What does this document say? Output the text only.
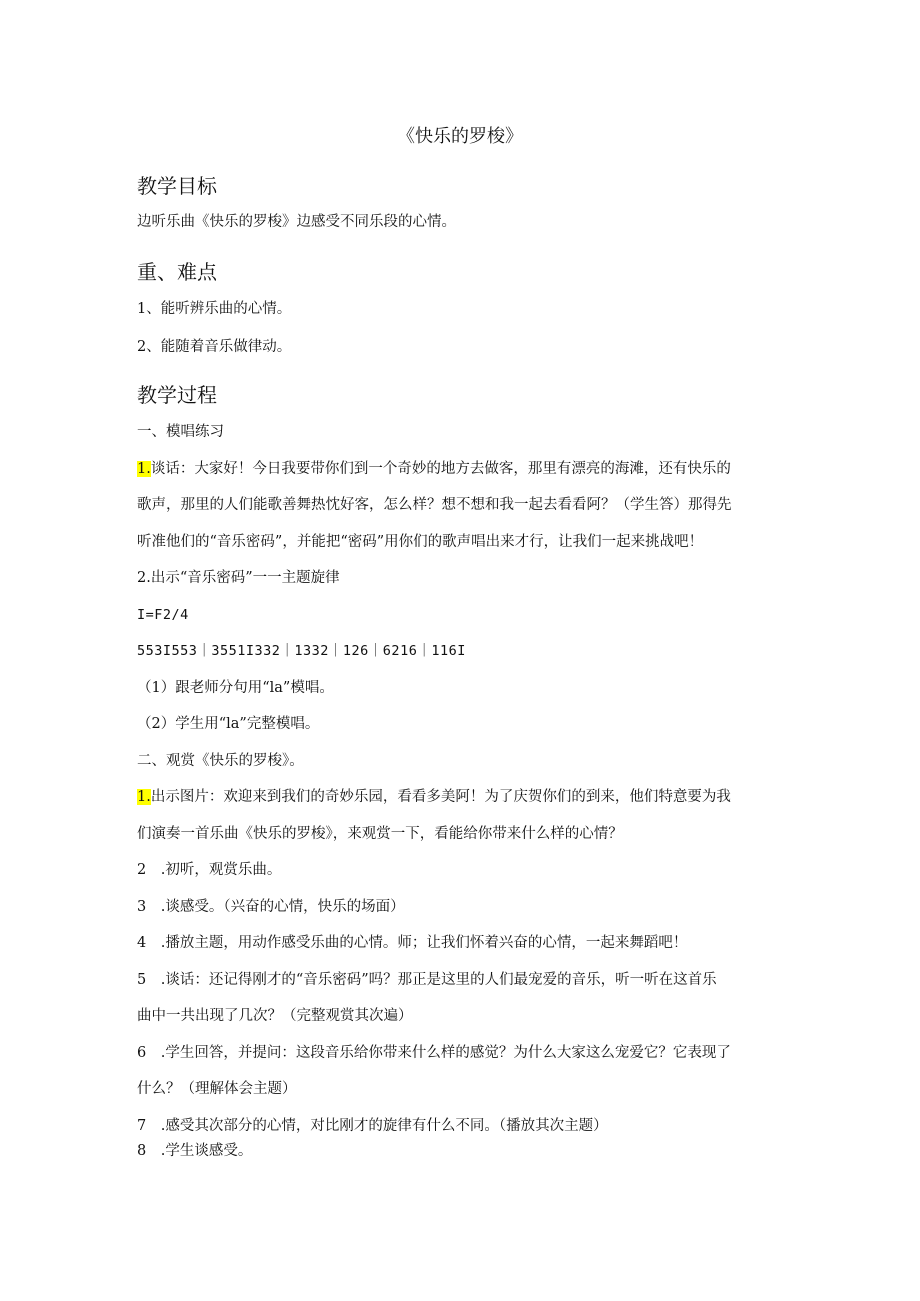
《快乐的罗梭》

教学目标

边听乐曲《快乐的罗梭》边感受不同乐段的心情。

重、难点

1、能听辨乐曲的心情。

2、能随着音乐做律动。

教学过程

一、模唱练习

1.谈话：大家好！今日我要带你们到一个奇妙的地方去做客，那里有漂亮的海滩，还有快乐的

歌声，那里的人们能歌善舞热忱好客，怎么样？想不想和我一起去看看阿？（学生答）那得先

听准他们的“音乐密码”，并能把“密码”用你们的歌声唱出来才行，让我们一起来挑战吧！

2.出示“音乐密码”一一主题旋律

I=F2/4

553I553｜3551I332｜1332｜126｜6216｜116I

（1）跟老师分句用“la”模唱。

（2）学生用“la”完整模唱。

二、观赏《快乐的罗梭》。

1.出示图片：欢迎来到我们的奇妙乐园，看看多美阿！为了庆贺你们的到来，他们特意要为我

们演奏一首乐曲《快乐的罗梭》，来观赏一下，看能给你带来什么样的心情？

2　.初听，观赏乐曲。

3　.谈感受。（兴奋的心情，快乐的场面）

4　.播放主题，用动作感受乐曲的心情。师；让我们怀着兴奋的心情，一起来舞蹈吧！

5　.谈话：还记得刚才的“音乐密码”吗？那正是这里的人们最宠爱的音乐，听一听在这首乐

曲中一共出现了几次？（完整观赏其次遍）

6　.学生回答，并提问：这段音乐给你带来什么样的感觉？为什么大家这么宠爱它？它表现了

什么？（理解体会主题）

7　.感受其次部分的心情，对比刚才的旋律有什么不同。（播放其次主题）

8　.学生谈感受。
